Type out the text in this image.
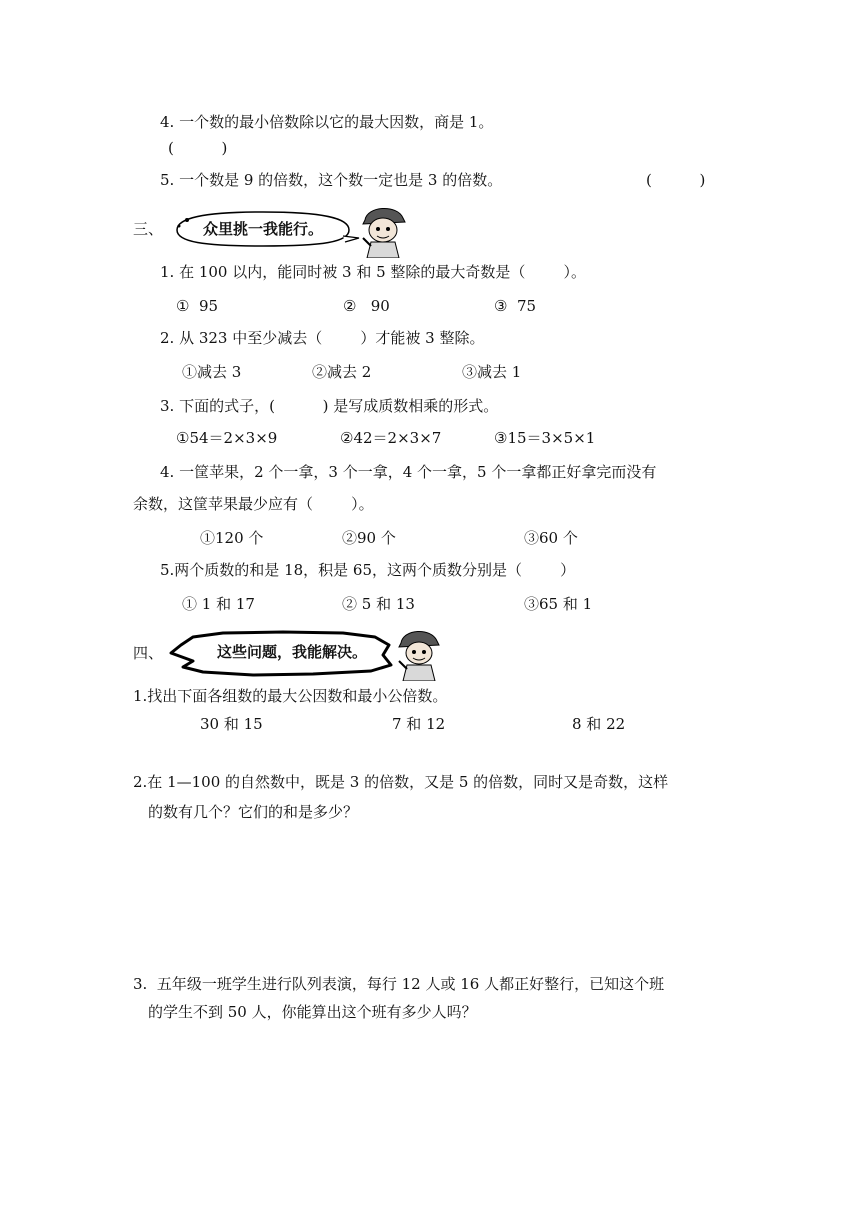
4. 一个数的最小倍数除以它的最大因数，商是 1。
(          )
5. 一个数是 9 的倍数，这个数一定也是 3 的倍数。	(          )
三、	众里挑一我能行。
1. 在 100 以内，能同时被 3 和 5 整除的最大奇数是（        ）。
①  95	②   90	③  75
2. 从 323 中至少减去（        ）才能被 3 整除。
①减去 3	②减去 2	③减去 1
3. 下面的式子，(          ) 是写成质数相乘的形式。
①54＝2×3×9	②42＝2×3×7	③15＝3×5×1
4. 一筐苹果，2 个一拿，3 个一拿，4 个一拿，5 个一拿都正好拿完而没有
余数，这筐苹果最少应有（        ）。
①120 个	②90 个	③60 个
5.两个质数的和是 18，积是 65，这两个质数分别是（        ）
① 1 和 17	② 5 和 13	③65 和 1
四、	这些问题，我能解决。
1.找出下面各组数的最大公因数和最小公倍数。
30 和 15	7 和 12	8 和 22
2.在 1—100 的自然数中，既是 3 的倍数，又是 5 的倍数，同时又是奇数，这样
的数有几个？它们的和是多少？
3.  五年级一班学生进行队列表演，每行 12 人或 16 人都正好整行，已知这个班
的学生不到 50 人，你能算出这个班有多少人吗？
